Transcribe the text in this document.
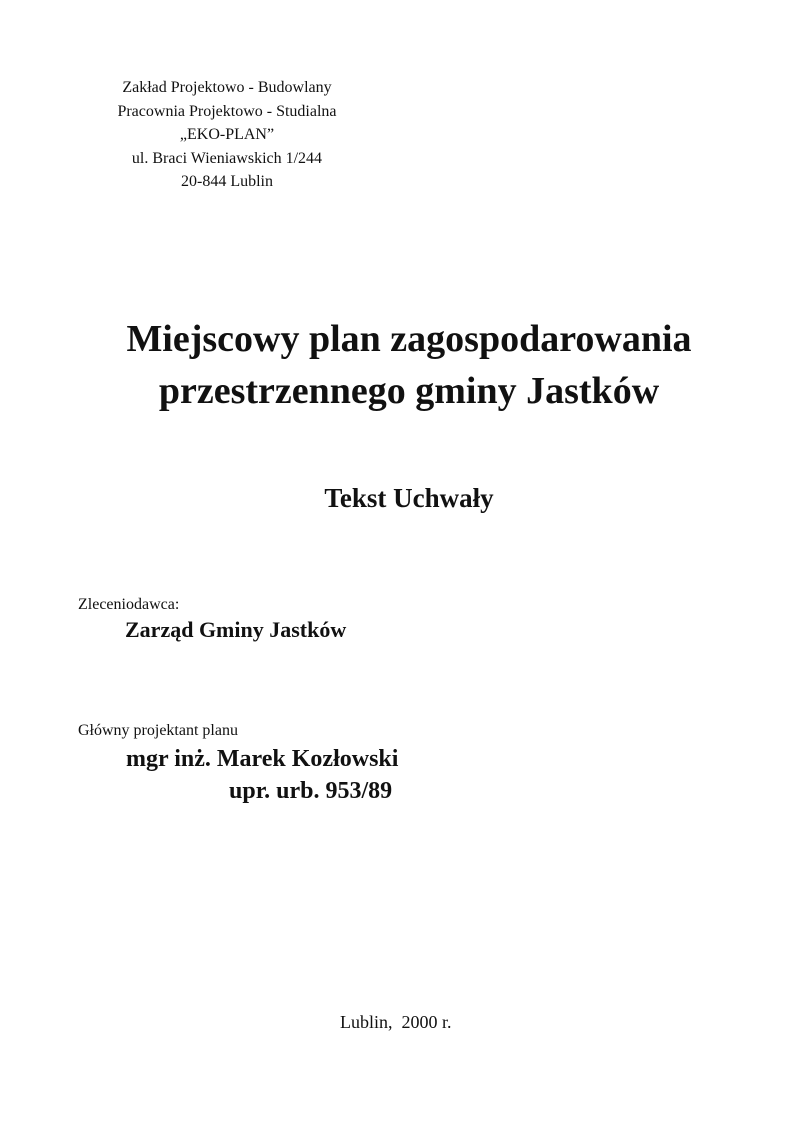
Zakład Projektowo - Budowlany
Pracownia Projektowo - Studialna
„EKO-PLAN”
ul. Braci Wieniawskich 1/244
20-844 Lublin
Miejscowy plan zagospodarowania
przestrzennego gminy Jastków
Tekst Uchwały
Zleceniodawca:
Zarząd Gminy Jastków
Główny projektant planu
mgr inż. Marek Kozłowski
upr. urb. 953/89
Lublin,  2000 r.
